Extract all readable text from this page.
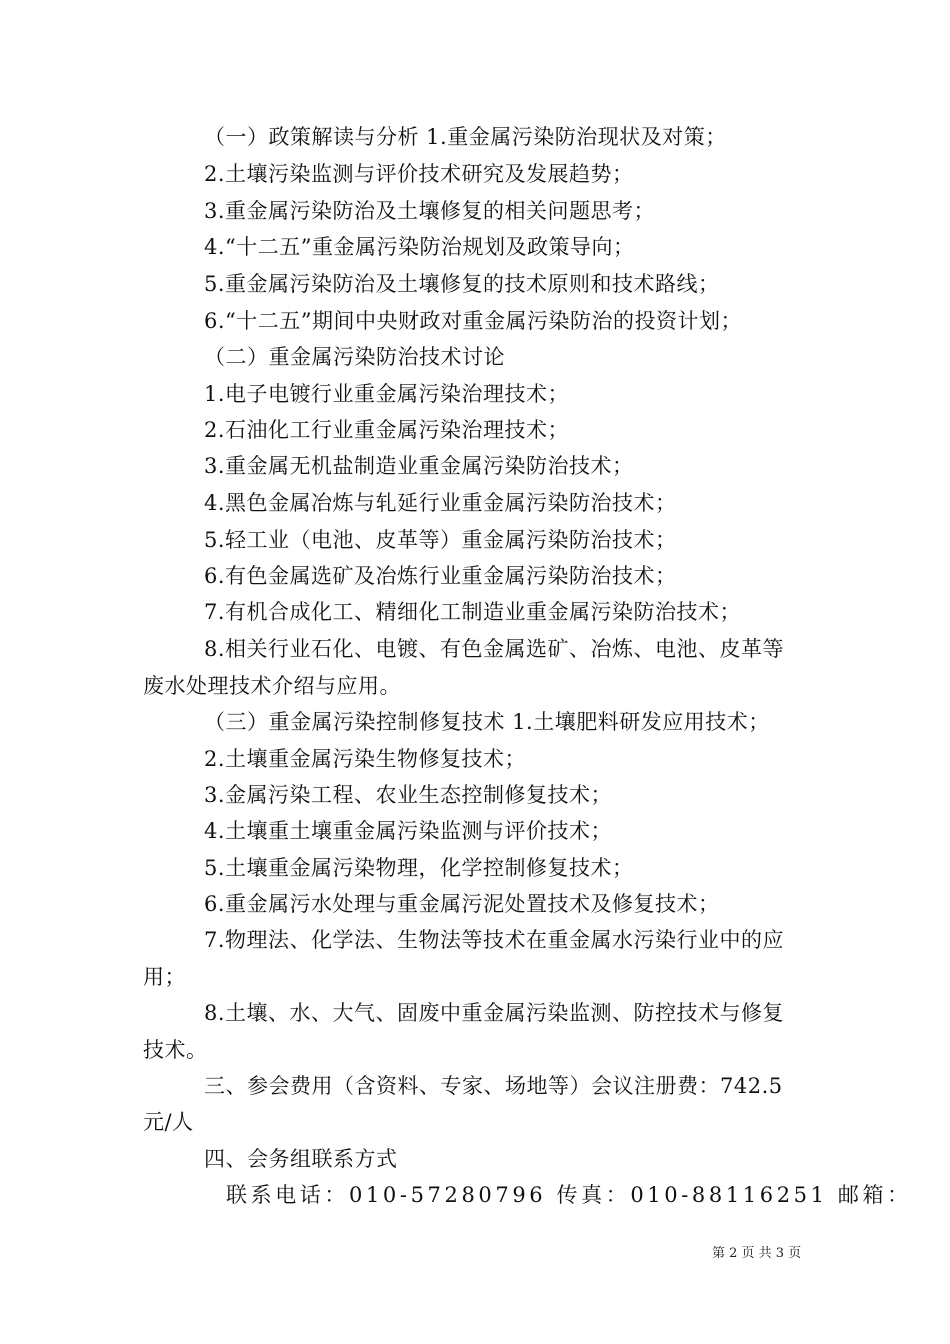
（一）政策解读与分析 1.重金属污染防治现状及对策；
2.土壤污染监测与评价技术研究及发展趋势；
3.重金属污染防治及土壤修复的相关问题思考；
4.“十二五”重金属污染防治规划及政策导向；
5.重金属污染防治及土壤修复的技术原则和技术路线；
6.“十二五”期间中央财政对重金属污染防治的投资计划；
（二）重金属污染防治技术讨论
1.电子电镀行业重金属污染治理技术；
2.石油化工行业重金属污染治理技术；
3.重金属无机盐制造业重金属污染防治技术；
4.黑色金属冶炼与轧延行业重金属污染防治技术；
5.轻工业（电池、皮革等）重金属污染防治技术；
6.有色金属选矿及冶炼行业重金属污染防治技术；
7.有机合成化工、精细化工制造业重金属污染防治技术；
8.相关行业石化、电镀、有色金属选矿、冶炼、电池、皮革等
废水处理技术介绍与应用。
（三）重金属污染控制修复技术 1.土壤肥料研发应用技术；
2.土壤重金属污染生物修复技术；
3.金属污染工程、农业生态控制修复技术；
4.土壤重土壤重金属污染监测与评价技术；
5.土壤重金属污染物理，化学控制修复技术；
6.重金属污水处理与重金属污泥处置技术及修复技术；
7.物理法、化学法、生物法等技术在重金属水污染行业中的应
用；
8.土壤、水、大气、固废中重金属污染监测、防控技术与修复
技术。
三、参会费用（含资料、专家、场地等）会议注册费：742.5
元/人
四、会务组联系方式
联系电话：010-57280796 传真：010-88116251 邮箱：
第 2 页 共 3 页
